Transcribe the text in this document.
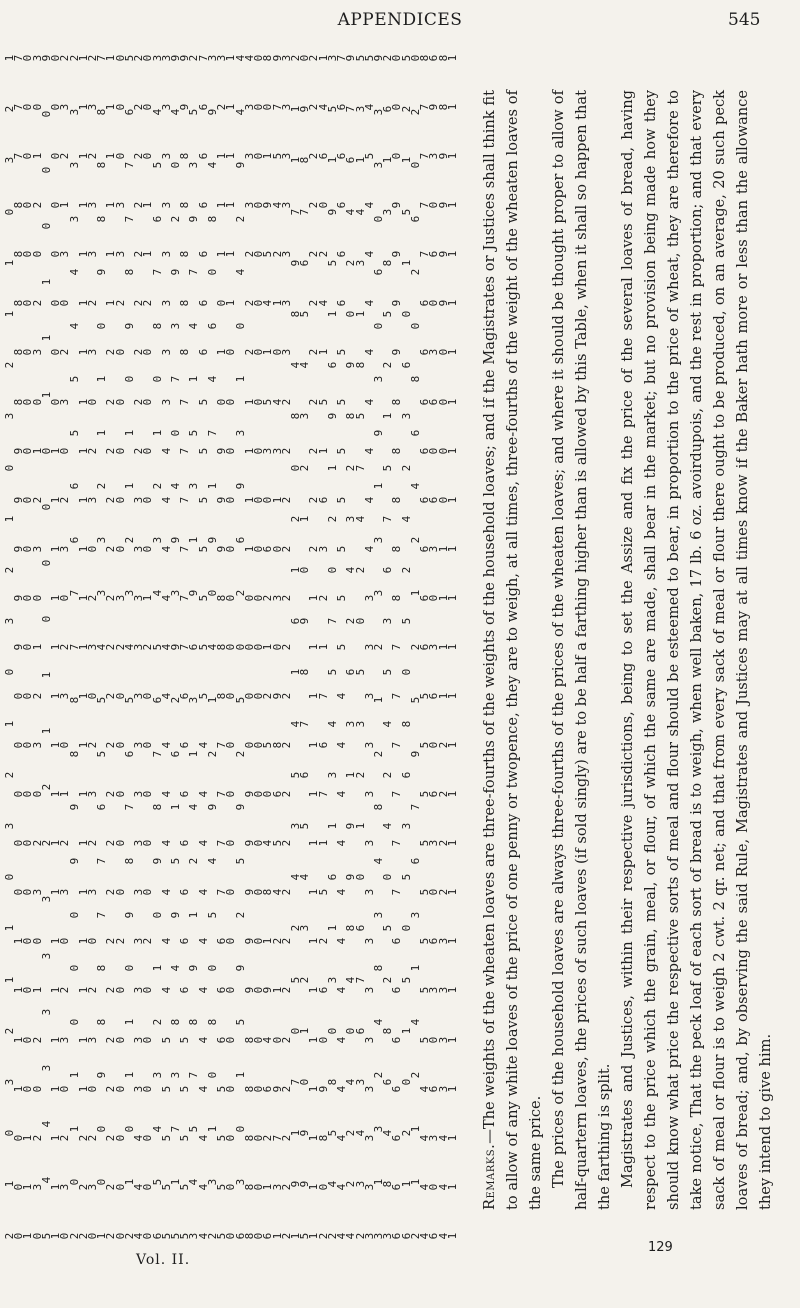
APPENDICES	545
1
2
3
0
1
1
2
3
0
1
2
3
0
1
2
3
0
1
1
2
3
0
1
2
7
7
7
8
8
8
8
8
9
9
9
9
9
0
0
0
0
0
1
1
1
1
0
0
0
0
0
0
0
0
0
0
0
0
0
0
0
0
0
0
0
0
0
0
0
0
0
1
1
1
3
0
1
2
0
2
3
0
1
2
3
0
1
2
3
0
2
3
0
1
2
0
2
3
0
9
0
0
0
1
1
1
0
0
0
0
1
1
2
2
3
3
3
3
4
4
5
0
0
0
0
0
0
0
0
1
1
1
1
1
1
1
1
1
1
1
1
1
1
1
1
1
2
3
2
1
3
0
2
3
0
2
3
0
2
3
0
1
2
3
0
2
3
0
2
3
0
2
3
3
3
4
4
5
5
6
6
7
7
8
8
9
9
0
0
0
1
1
0
2
1
1
1
1
1
1
1
1
1
1
1
1
1
1
1
1
1
1
1
1
1
1
2
2
2
2
3
2
3
3
2
3
0
2
3
0
2
3
0
2
3
2
3
0
2
3
0
2
3
0
7
8
8
8
9
0
1
1
2
3
3
4
5
5
6
7
7
8
8
9
0
0
1
1
1
1
1
1
1
2
2
2
2
2
2
2
2
2
2
2
2
2
2
2
2
2
2
2
0
0
0
3
3
2
0
0
0
0
0
3
2
0
0
0
0
0
2
0
0
0
0
0
0
5
6
7
7
8
9
0
1
1
2
3
4
5
6
7
8
9
0
1
1
0
1
2
2
2
2
2
2
2
2
2
2
3
3
3
3
3
3
3
3
3
3
3
3
3
4
4
4
0
0
0
1
1
2
0
0
0
0
0
1
2
0
0
0
0
0
2
0
0
0
0
0
0
3
4
5
6
7
8
0
1
2
3
4
5
6
7
8
9
0
1
2
3
4
5
6
3
3
3
3
3
3
3
3
4
4
4
4
4
4
4
4
4
4
4
4
5
5
5
5
5
9
4
0
2
9
3
7
0
4
9
3
9
2
6
1
5
9
4
8
3
7
1
5
9
9
8
8
8
8
8
7
7
7
7
7
7
6
6
6
6
6
6
6
5
5
5
5
5
2
5
3
9
7
4
1
5
3
1
9
6
3
1
4
2
1
9
8
7
5
4
3
7
6
6
6
6
6
6
5
5
5
5
5
5
5
4
4
4
4
4
4
4
4
4
4
4
3
9
4
8
0
6
4
7
1
9
0
4
1
2
9
4
5
0
8
0
1
3
2
3
2
1
1
1
0
1
0
9
9
9
8
8
8
7
7
7
7
6
6
6
5
5
5
5
1
1
1
1
1
1
0
0
0
0
0
0
0
0
0
0
0
0
0
0
0
0
0
0
0
4
4
9
2
4
0
1
3
9
6
2
0
5
2
9
5
2
9
5
1
0
3
6
4
3
3
3
2
2
2
1
1
1
1
0
0
0
0
9
9
9
9
9
8
8
8
8
8
0
0
0
0
0
0
0
0
0
0
0
0
0
0
0
0
0
0
0
0
0
0
0
0
0
8
0
1
9
5
4
1
5
3
0
6
2
1
2
5
0
4
8
1
9
4
6
2
1
6
9
7
5
4
2
1
0
4
3
1
0
3
0
9
8
6
5
4
2
1
0
9
7
3
1
3
3
3
3
3
3
3
2
2
2
2
2
2
2
2
2
2
2
2
2
2
2
2
2
2
2
1
1
7
9
8
4
8
0
2
1
6
1
4
5
3
4
2
5
0
7
1
9
1
0
9
8
7
6
5
4
3
2
1
0
9
8
7
6
5
4
3
2
1
0
9
9
5
2
2
2
2
2
2
2
2
2
2
2
1
1
1
1
1
1
1
1
1
1
1
1
1
1
1
4
6
0
2
4
1
5
1
6
3
2
1
7
6
7
1
5
2
6
0
9
8
0
2
3
5
1
9
5
1
6
9
1
2
0
7
5
4
3
1
6
1
3
0
8
5
4
2
7
6
6
6
6
6
5
5
5
5
5
5
5
4
4
4
4
4
4
4
4
4
4
4
4
9
7
6
4
2
0
9
8
2
3
4
2
6
3
1
9
9
8
4
0
4
2
2
4
5
3
1
4
3
1
8
5
7
4
2
0
5
3
2
1
0
6
7
6
3
4
3
2
5
4
5
4
4
4
4
4
4
4
4
3
3
3
3
3
3
3
3
3
3
3
3
3
3
9
3
3
0
6
0
3
9
1
3
3
2
1
2
8
4
3
8
4
2
3
1
3
2
6
1
3
8
5
2
1
5
7
6
3
5
4
2
4
0
5
2
8
6
4
8
3
0
0
0
9
9
9
9
8
8
8
8
8
7
7
7
7
7
7
6
6
6
6
6
6
6
5
2
1
5
1
0
6
3
2
4
2
5
0
8
6
3
5
0
5
1
0
2
1
6
0
2
0
6
2
0
8
6
4
2
1
2
5
9
7
6
3
1
4
2
1
1
2
8
7
7
7
7
6
6
6
6
6
6
6
6
5
5
5
5
5
5
5
5
4
4
4
4
6
9
3
0
6
0
3
6
0
6
3
0
3
6
0
6
3
0
6
3
0
6
3
0
6
8
8
9
9
9
9
0
0
0
0
1
1
1
1
2
2
2
2
3
3
3
3
4
4
4
1
1
1
1
1
1
1
1
1
1
1
1
1
1
1
1
1
1
1
1
1
1
1
1
1

Remarks.—The weights of the wheaten loaves are three-fourths of the weights of the household loaves; and if the Magistrates or Justices shall think fit to allow of any white loaves of the price of one penny or twopence, they are to weigh, at all times, three-fourths of the weight of the wheaten loaves of the same price. The prices of the household loaves are always three-fourths of the prices of the wheaten loaves; and where it should be thought proper to allow of half-quartern loaves, the prices of such loaves (if sold singly) are to be half a farthing higher than is allowed by this Table, when it shall so happen that the farthing is split. Magistrates and Justices, within their respective jurisdictions, being to set the Assize and fix the price of the several loaves of bread, having respect to the price which the grain, meal, or flour, of which the same are made, shall bear in the market; but no provision being made how they should know what price the respective sorts of meal and flour should be esteemed to bear, in proportion to the price of wheat, they are therefore to take notice, That the peck loaf of each sort of bread is to weigh, when well baken, 17 lb. 6 oz. avoirdupois, and the rest in proportion; and that every sack of meal or flour is to weigh 2 cwt. 2 qr. net; and that from every sack of meal or flour there ought to be produced, on an average, 20 such peck loaves of bread; and, by observing the said Rule, Magistrates and Justices may at all times know if the Baker hath more or less than the allowance they intend to give him.

Vol. II.
129
